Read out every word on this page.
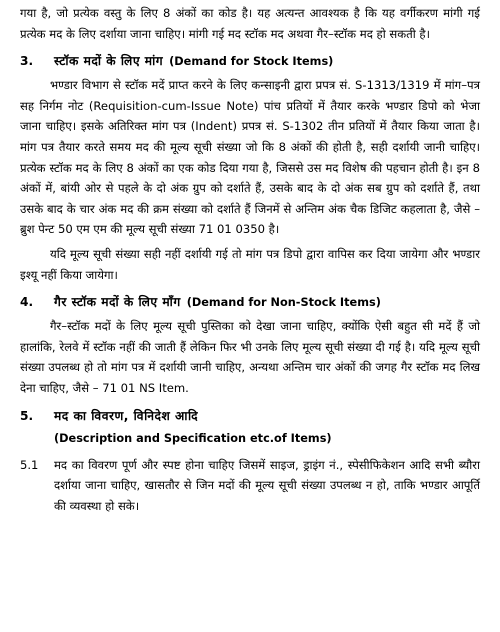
गया है, जो प्रत्येक वस्तु के लिए 8 अंकों का कोड है। यह अत्यन्त आवश्यक है कि यह वर्गीकरण मांगी गई प्रत्येक मद के लिए दर्शाया जाना चाहिए। मांगी गई मद स्टॉक मद अथवा गैर–स्टॉक मद हो सकती है।

3.	स्टॉक मदों के लिए मांग (Demand for Stock Items)

भण्डार विभाग से स्टॉक मदें प्राप्त करने के लिए कन्साइनी द्वारा प्रपत्र सं. S-1313/1319 में मांग–पत्र सह निर्गम नोट (Requisition-cum-Issue Note) पांच प्रतियों में तैयार करके भण्डार डिपो को भेजा जाना चाहिए। इसके अतिरिक्त मांग पत्र (Indent) प्रपत्र सं. S-1302 तीन प्रतियों में तैयार किया जाता है। मांग पत्र तैयार करते समय मद की मूल्य सूची संख्या जो कि 8 अंकों की होती है, सही दर्शायी जानी चाहिए। प्रत्येक स्टॉक मद के लिए 8 अंकों का एक कोड दिया गया है, जिससे उस मद विशेष की पहचान होती है। इन 8 अंकों में, बांयी ओर से पहले के दो अंक ग्रुप को दर्शाते हैं, उसके बाद के दो अंक सब ग्रुप को दर्शाते हैं, तथा उसके बाद के चार अंक मद की क्रम संख्या को दर्शाते हैं जिनमें से अन्तिम अंक चैक डिजिट कहलाता है, जैसे – ब्रुश पेन्ट 50 एम एम की मूल्य सूची संख्या 71 01 0350 है।

यदि मूल्य सूची संख्या सही नहीं दर्शायी गई तो मांग पत्र डिपो द्वारा वापिस कर दिया जायेगा और भण्डार इश्यू नहीं किया जायेगा।

4.	गैर स्टॉक मदों के लिए माँग (Demand for Non-Stock Items)

गैर–स्टॉक मदों के लिए मूल्य सूची पुस्तिका को देखा जाना चाहिए, क्योंकि ऐसी बहुत सी मदें हैं जो हालांकि, रेलवे में स्टॉक नहीं की जाती हैं लेकिन फिर भी उनके लिए मूल्य सूची संख्या दी गई है। यदि मूल्य सूची संख्या उपलब्ध हो तो मांग पत्र में दर्शायी जानी चाहिए, अन्यथा अन्तिम चार अंकों की जगह गैर स्टॉक मद लिख देना चाहिए, जैसे – 71 01 NS Item.

5.	मद का विवरण, विनिदेश आदि
(Description and Specification etc.of Items)
5.1	मद का विवरण पूर्ण और स्पष्ट होना चाहिए जिसमें साइज, ड्राइंग नं., स्पेसीफिकेशन आदि सभी ब्यौरा दर्शाया जाना चाहिए, खासतौर से जिन मदों की मूल्य सूची संख्या उपलब्ध न हो, ताकि भण्डार आपूर्ति की व्यवस्था हो सके।
